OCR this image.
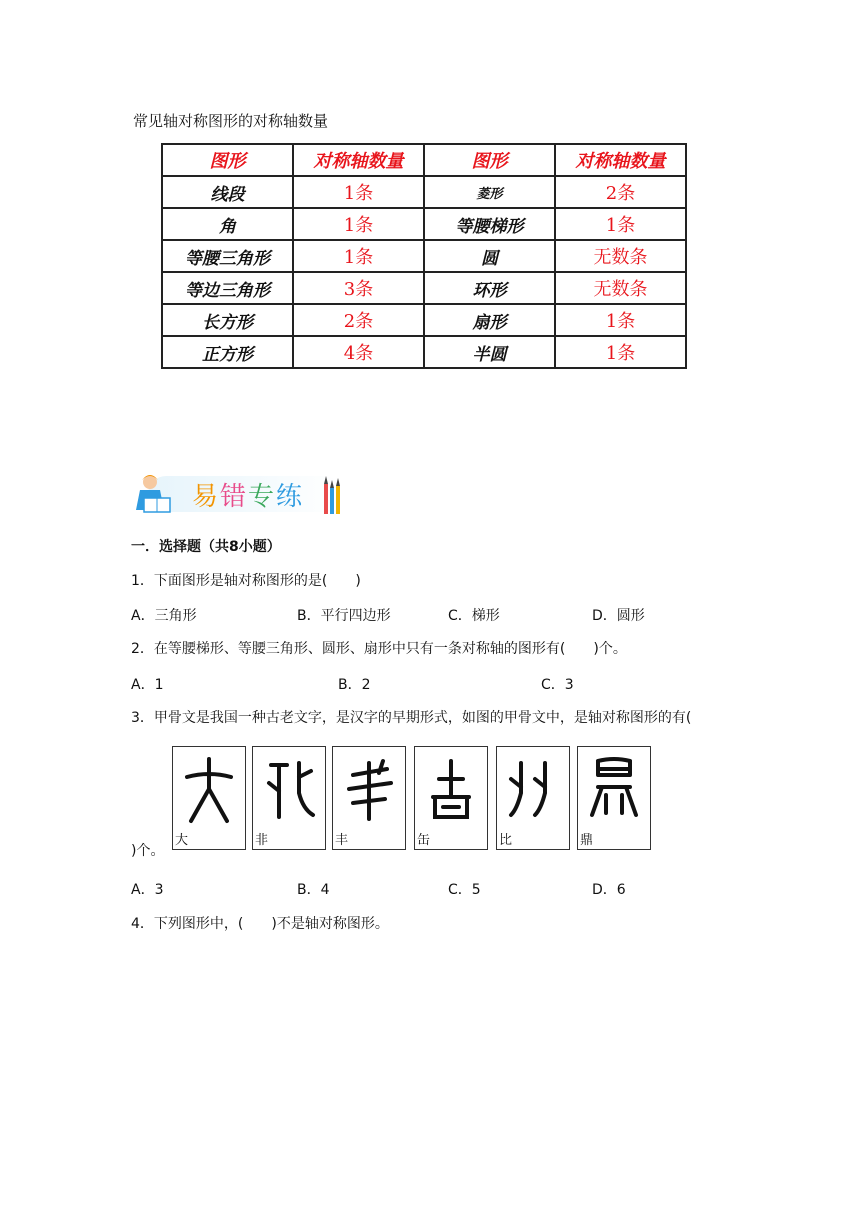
常见轴对称图形的对称轴数量
图形	对称轴数量	图形	对称轴数量
线段	1条	菱形	2条
角	1条	等腰梯形	1条
等腰三角形	1条	圆	无数条
等边三角形	3条	环形	无数条
长方形	2条	扇形	1条
正方形	4条	半圆	1条
易错专练
一．选择题（共8小题）
1．下面图形是轴对称图形的是(　　)
A．三角形	B．平行四边形	C．梯形	D．圆形
2．在等腰梯形、等腰三角形、圆形、扇形中只有一条对称轴的图形有(　　)个。
A．1	B．2	C．3
3．甲骨文是我国一种古老文字，是汉字的早期形式，如图的甲骨文中，是轴对称图形的有(
大	非	丰	缶	比	鼎
)个。
A．3	B．4	C．5	D．6
4．下列图形中，(　　)不是轴对称图形。
